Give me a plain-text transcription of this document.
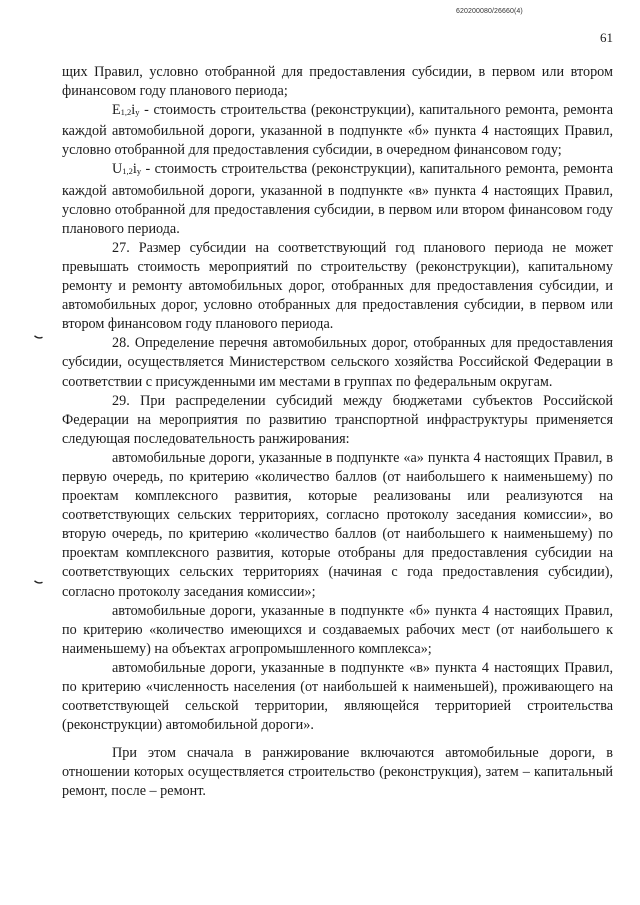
620200080/26660(4)
61

щих Правил, условно отобранной для предоставления субсидии, в первом или втором финансовом году планового периода;

$E_{1,2}i_y$ - стоимость строительства (реконструкции), капитального ремонта, ремонта каждой автомобильной дороги, указанной в подпункте «б» пункта 4 настоящих Правил, условно отобранной для предоставления субсидии, в очередном финансовом году;

$U_{1,2}i_y$ - стоимость строительства (реконструкции), капитального ремонта, ремонта каждой автомобильной дороги, указанной в подпункте «в» пункта 4 настоящих Правил, условно отобранной для предоставления субсидии, в первом или втором финансовом году планового периода.

27. Размер субсидии на соответствующий год планового периода не может превышать стоимость мероприятий по строительству (реконструкции), капитальному ремонту и ремонту автомобильных дорог, отобранных для предоставления субсидии, и автомобильных дорог, условно отобранных для предоставления субсидии, в первом или втором финансовом году планового периода.

28. Определение перечня автомобильных дорог, отобранных для предоставления субсидии, осуществляется Министерством сельского хозяйства Российской Федерации в соответствии с присужденными им местами в группах по федеральным округам.

29. При распределении субсидий между бюджетами субъектов Российской Федерации на мероприятия по развитию транспортной инфраструктуры применяется следующая последовательность ранжирования:

автомобильные дороги, указанные в подпункте «а» пункта 4 настоящих Правил, в первую очередь, по критерию «количество баллов (от наибольшего к наименьшему) по проектам комплексного развития, которые реализованы или реализуются на соответствующих сельских территориях, согласно протоколу заседания комиссии», во вторую очередь, по критерию «количество баллов (от наибольшего к наименьшему) по проектам комплексного развития, которые отобраны для предоставления субсидии на соответствующих сельских территориях (начиная с года предоставления субсидии), согласно протоколу заседания комиссии»;

автомобильные дороги, указанные в подпункте «б» пункта 4 настоящих Правил, по критерию «количество имеющихся и создаваемых рабочих мест (от наибольшего к наименьшему) на объектах агропромышленного комплекса»;

автомобильные дороги, указанные в подпункте «в» пункта 4 настоящих Правил, по критерию «численность населения (от наибольшей к наименьшей), проживающего на соответствующей сельской территории, являющейся территорией строительства (реконструкции) автомобильной дороги».

При этом сначала в ранжирование включаются автомобильные дороги, в отношении которых осуществляется строительство (реконструкция), затем – капитальный ремонт, после – ремонт.
